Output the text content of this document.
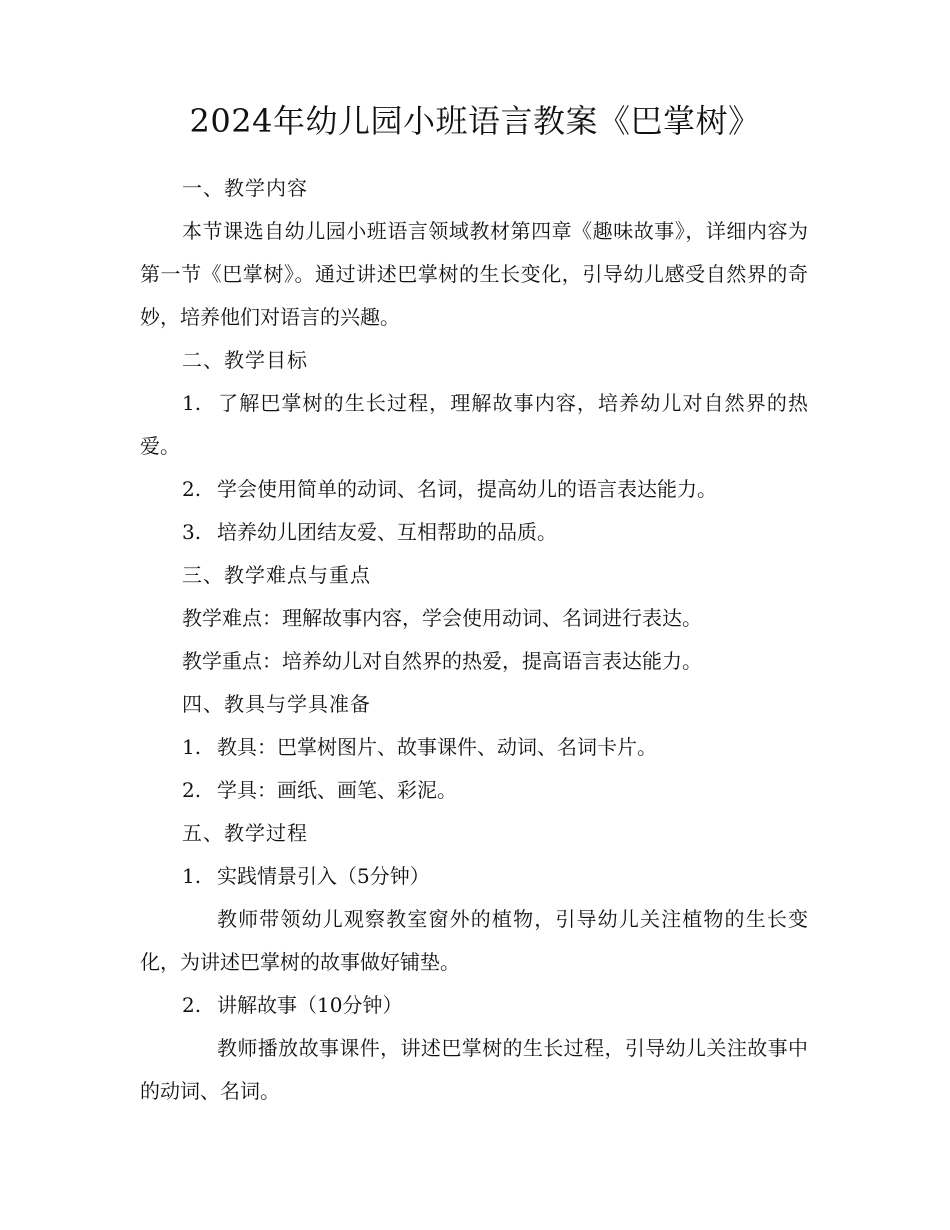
2024年幼儿园小班语言教案《巴掌树》

一、教学内容

本节课选自幼儿园小班语言领域教材第四章《趣味故事》，详细内容为第一节《巴掌树》。通过讲述巴掌树的生长变化，引导幼儿感受自然界的奇妙，培养他们对语言的兴趣。

二、教学目标

1. 了解巴掌树的生长过程，理解故事内容，培养幼儿对自然界的热爱。

2. 学会使用简单的动词、名词，提高幼儿的语言表达能力。

3. 培养幼儿团结友爱、互相帮助的品质。

三、教学难点与重点

教学难点：理解故事内容，学会使用动词、名词进行表达。

教学重点：培养幼儿对自然界的热爱，提高语言表达能力。

四、教具与学具准备

1. 教具：巴掌树图片、故事课件、动词、名词卡片。

2. 学具：画纸、画笔、彩泥。

五、教学过程

1. 实践情景引入（5分钟）

教师带领幼儿观察教室窗外的植物，引导幼儿关注植物的生长变化，为讲述巴掌树的故事做好铺垫。

2. 讲解故事（10分钟）

教师播放故事课件，讲述巴掌树的生长过程，引导幼儿关注故事中的动词、名词。
